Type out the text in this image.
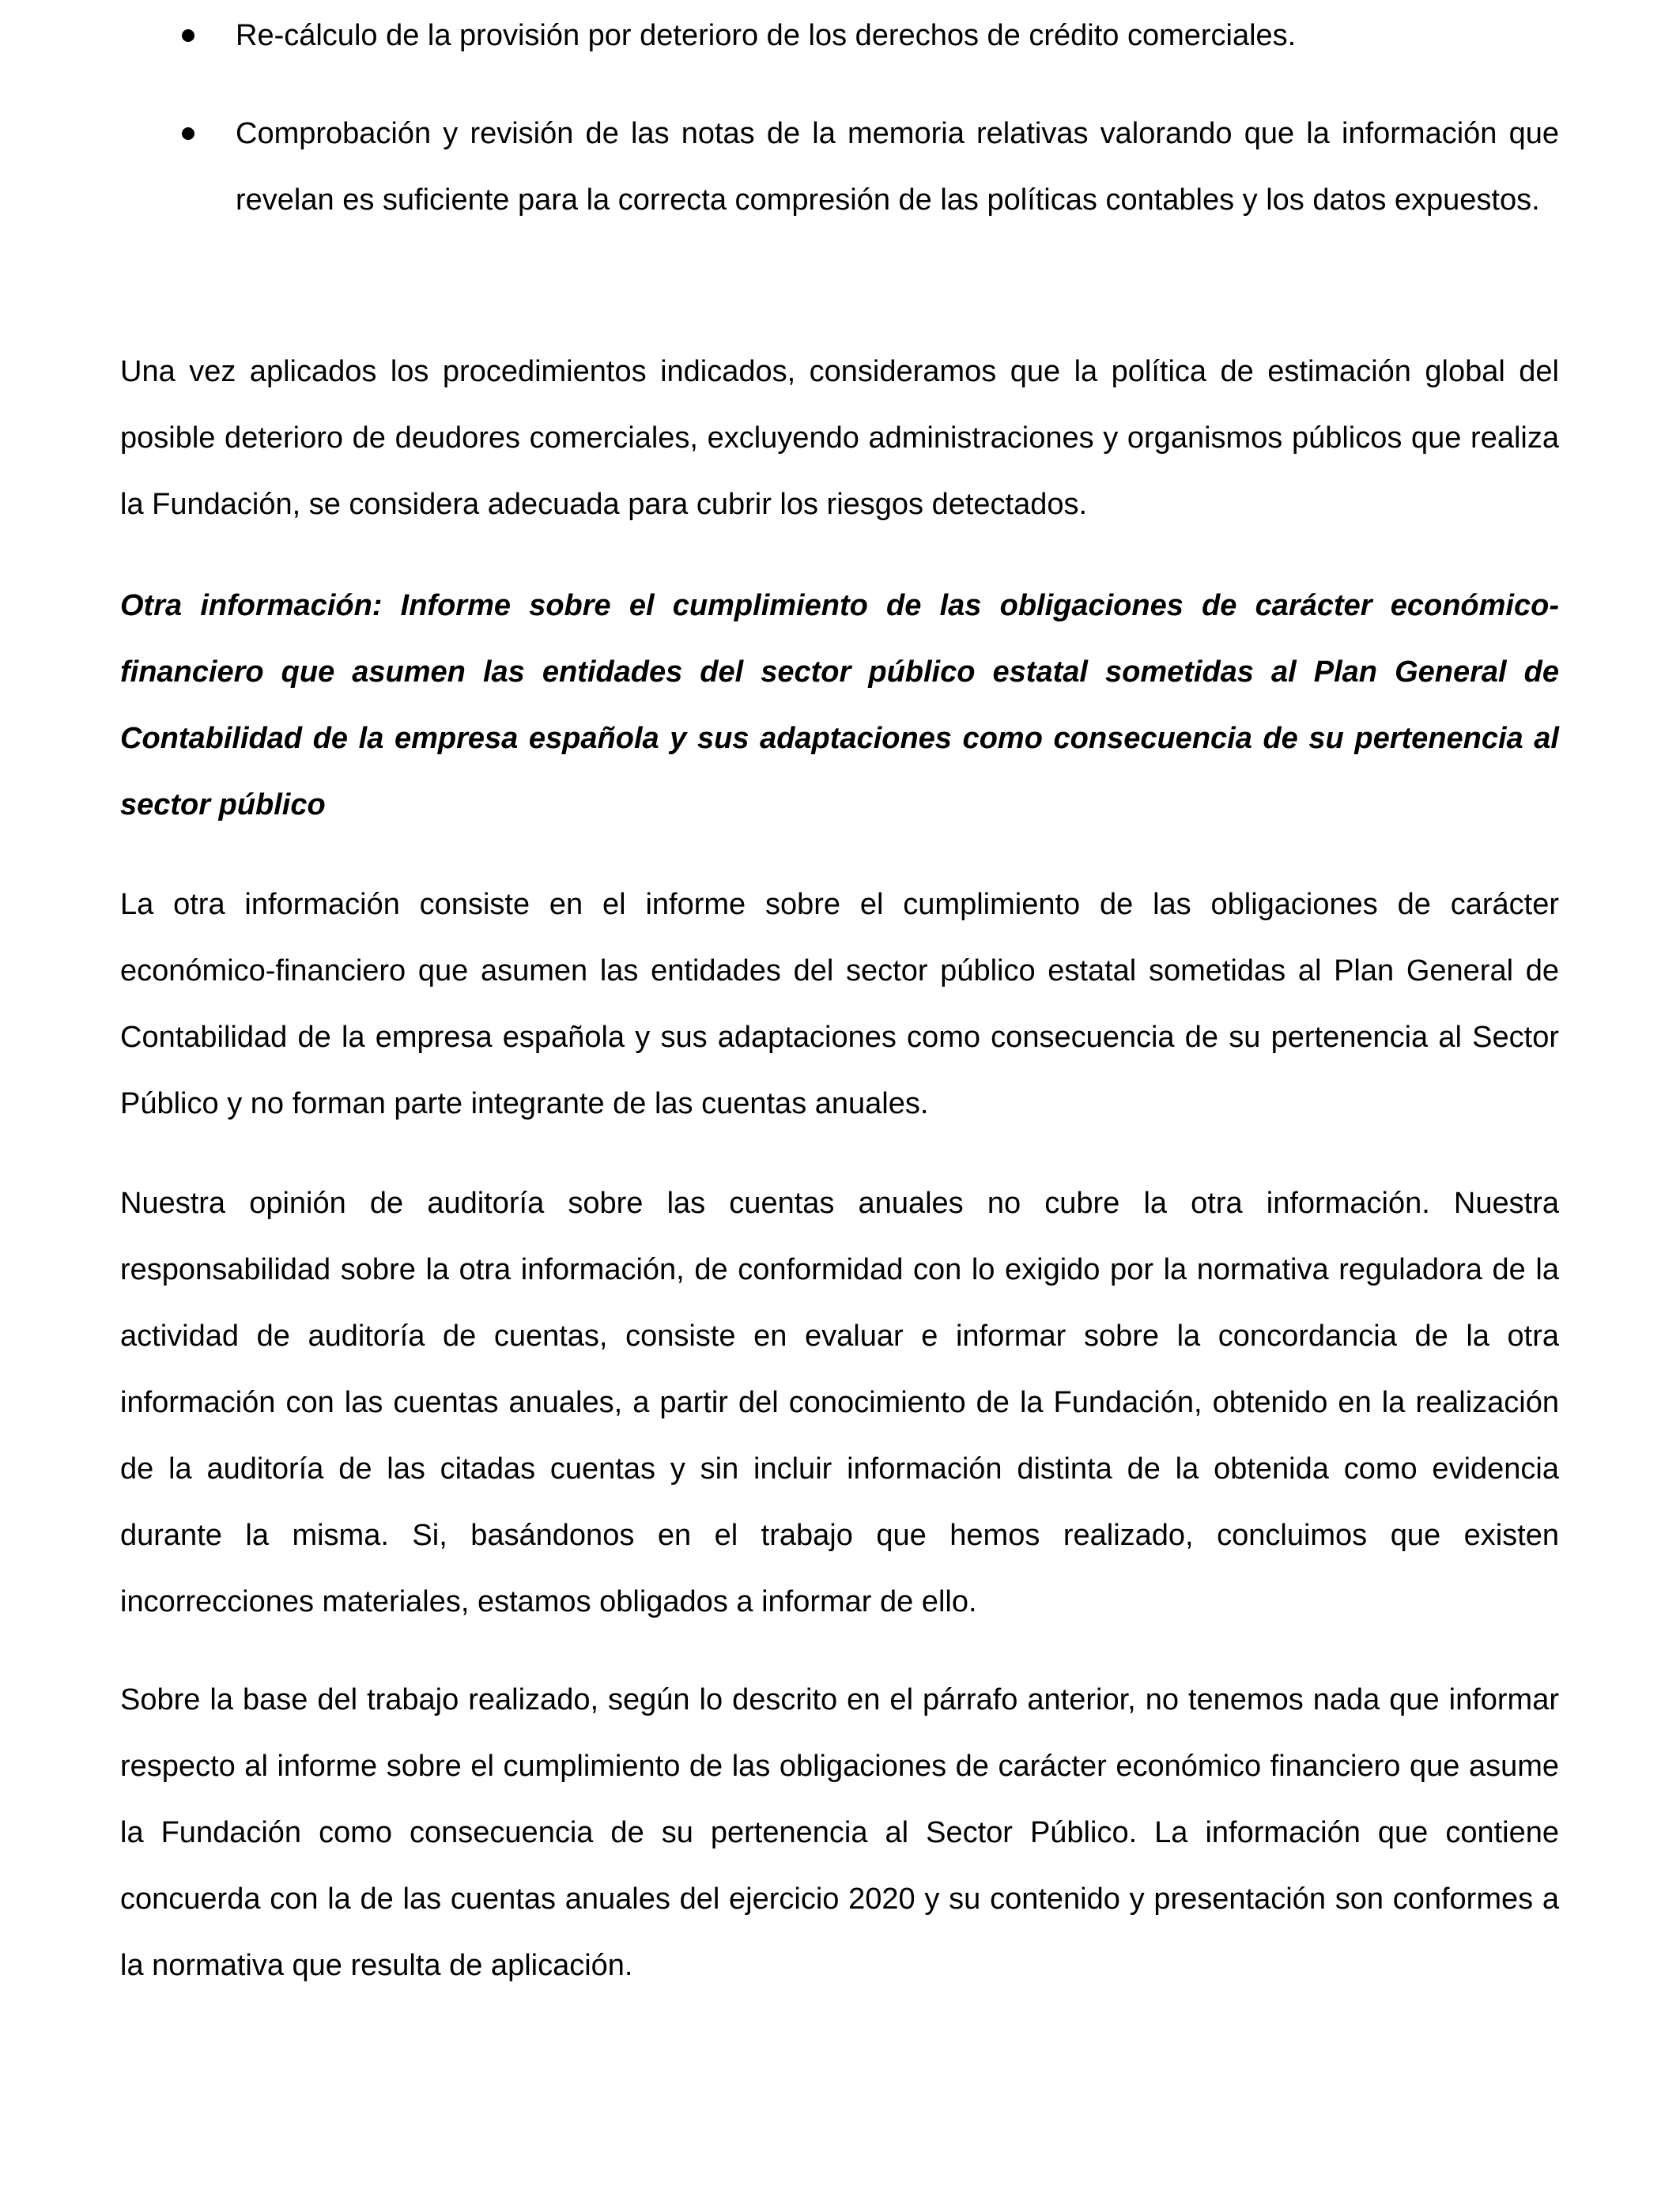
Re-cálculo de la provisión por deterioro de los derechos de crédito comerciales.

Comprobación y revisión de las notas de la memoria relativas valorando que la información que revelan es suficiente para la correcta compresión de las políticas contables y los datos expuestos.

Una vez aplicados los procedimientos indicados, consideramos que la política de estimación global del posible deterioro de deudores comerciales, excluyendo administraciones y organismos públicos que realiza la Fundación, se considera adecuada para cubrir los riesgos detectados.

Otra información: Informe sobre el cumplimiento de las obligaciones de carácter económico-financiero que asumen las entidades del sector público estatal sometidas al Plan General de Contabilidad de la empresa española y sus adaptaciones como consecuencia de su pertenencia al sector público

La otra información consiste en el informe sobre el cumplimiento de las obligaciones de carácter económico-financiero que asumen las entidades del sector público estatal sometidas al Plan General de Contabilidad de la empresa española y sus adaptaciones como consecuencia de su pertenencia al Sector Público y no forman parte integrante de las cuentas anuales.

Nuestra opinión de auditoría sobre las cuentas anuales no cubre la otra información. Nuestra responsabilidad sobre la otra información, de conformidad con lo exigido por la normativa reguladora de la actividad de auditoría de cuentas, consiste en evaluar e informar sobre la concordancia de la otra información con las cuentas anuales, a partir del conocimiento de la Fundación, obtenido en la realización de la auditoría de las citadas cuentas y sin incluir información distinta de la obtenida como evidencia durante la misma. Si, basándonos en el trabajo que hemos realizado, concluimos que existen incorrecciones materiales, estamos obligados a informar de ello.

Sobre la base del trabajo realizado, según lo descrito en el párrafo anterior, no tenemos nada que informar respecto al informe sobre el cumplimiento de las obligaciones de carácter económico financiero que asume la Fundación como consecuencia de su pertenencia al Sector Público. La información que contiene concuerda con la de las cuentas anuales del ejercicio 2020 y su contenido y presentación son conformes a la normativa que resulta de aplicación.
